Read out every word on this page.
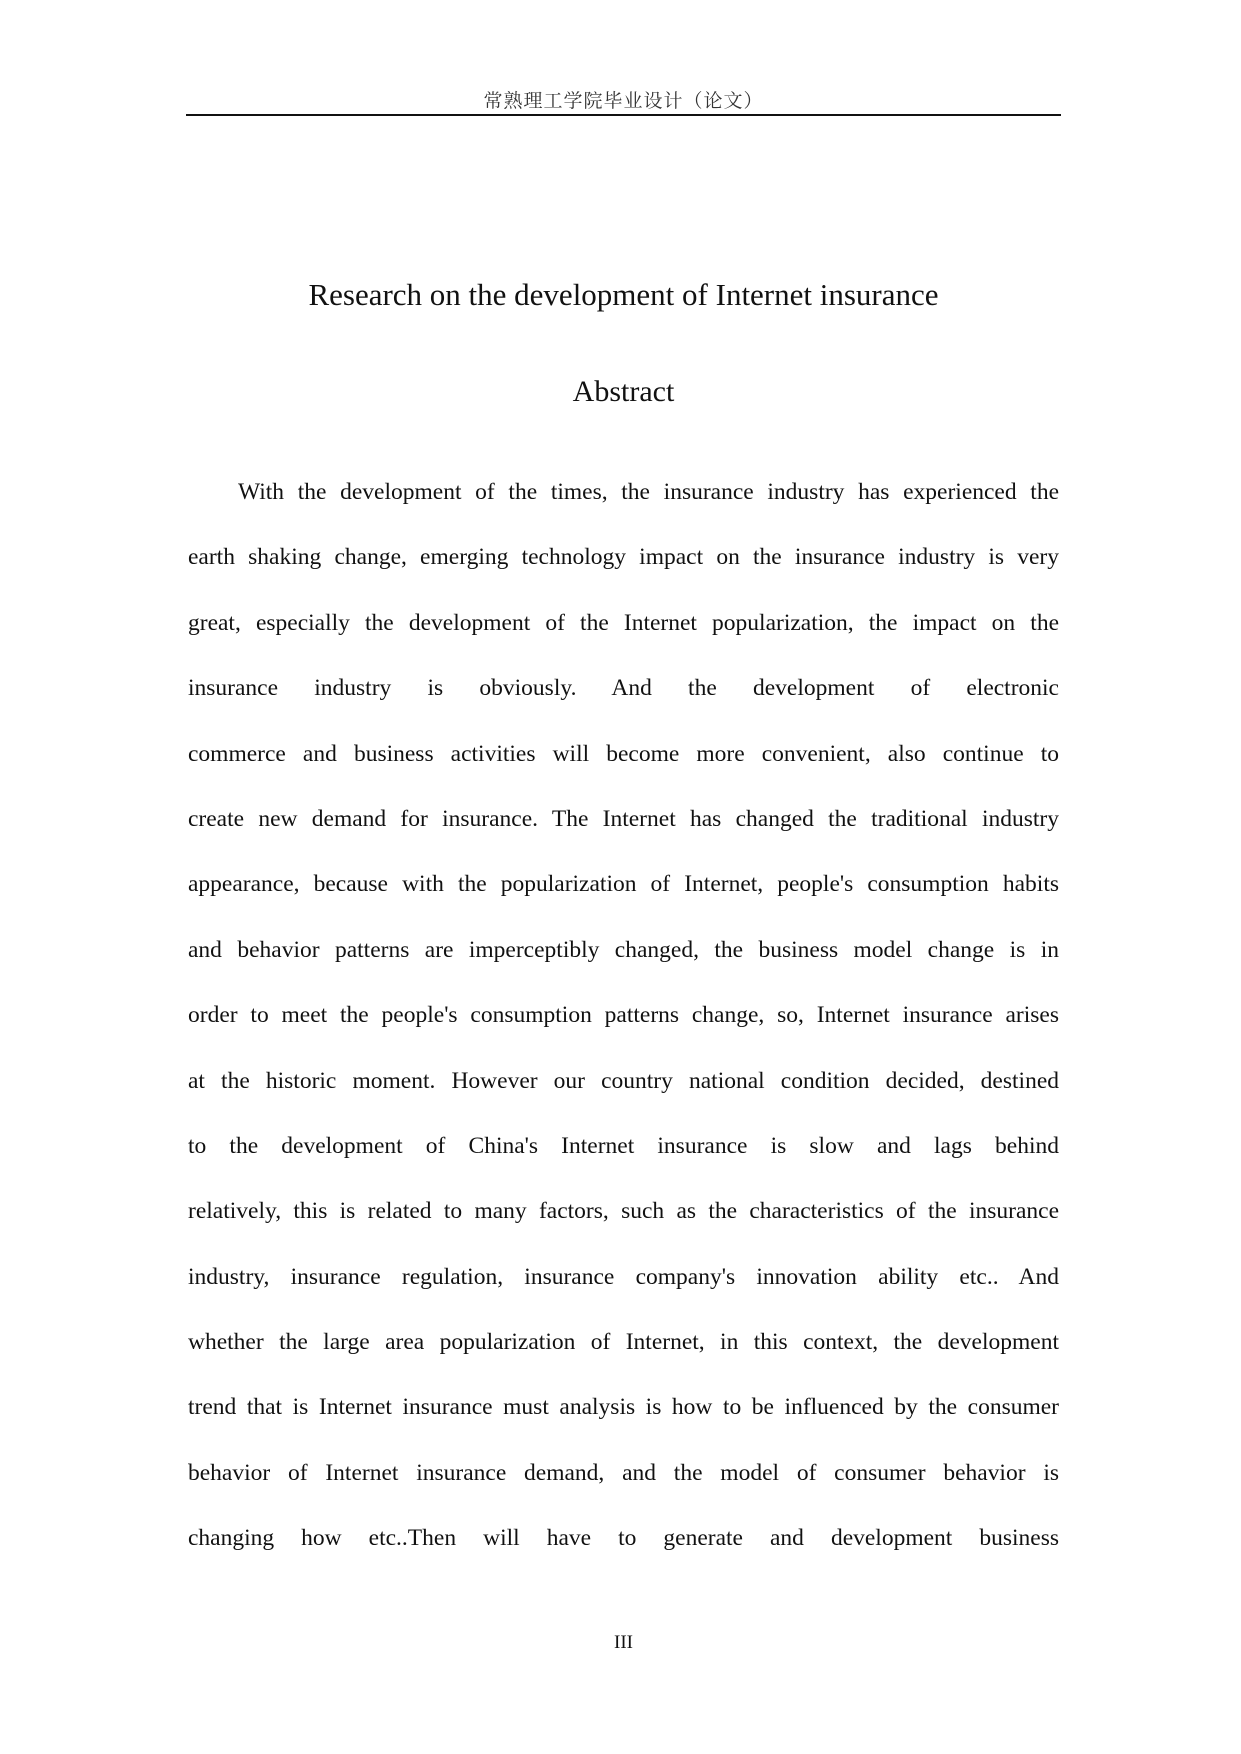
常熟理工学院毕业设计（论文）
Research on the development of Internet insurance
Abstract
With the development of the times, the insurance industry has experienced the
earth shaking change, emerging technology impact on the insurance industry is very
great, especially the development of the Internet popularization, the impact on the
insurance industry is obviously. And the development of electronic
commerce and business activities will become more convenient, also continue to
create new demand for insurance. The Internet has changed the traditional industry
appearance, because with the popularization of Internet, people's consumption habits
and behavior patterns are imperceptibly changed, the business model change is in
order to meet the people's consumption patterns change, so, Internet insurance arises
at the historic moment. However our country national condition decided, destined
to the development of China's Internet insurance is slow and lags behind
relatively, this is related to many factors, such as the characteristics of the insurance
industry, insurance regulation, insurance company's innovation ability etc.. And
whether the large area popularization of Internet, in this context, the development
trend that is Internet insurance must analysis is how to be influenced by the consumer
behavior of Internet insurance demand, and the model of consumer behavior is
changing how etc..Then will have to generate and development business
III
